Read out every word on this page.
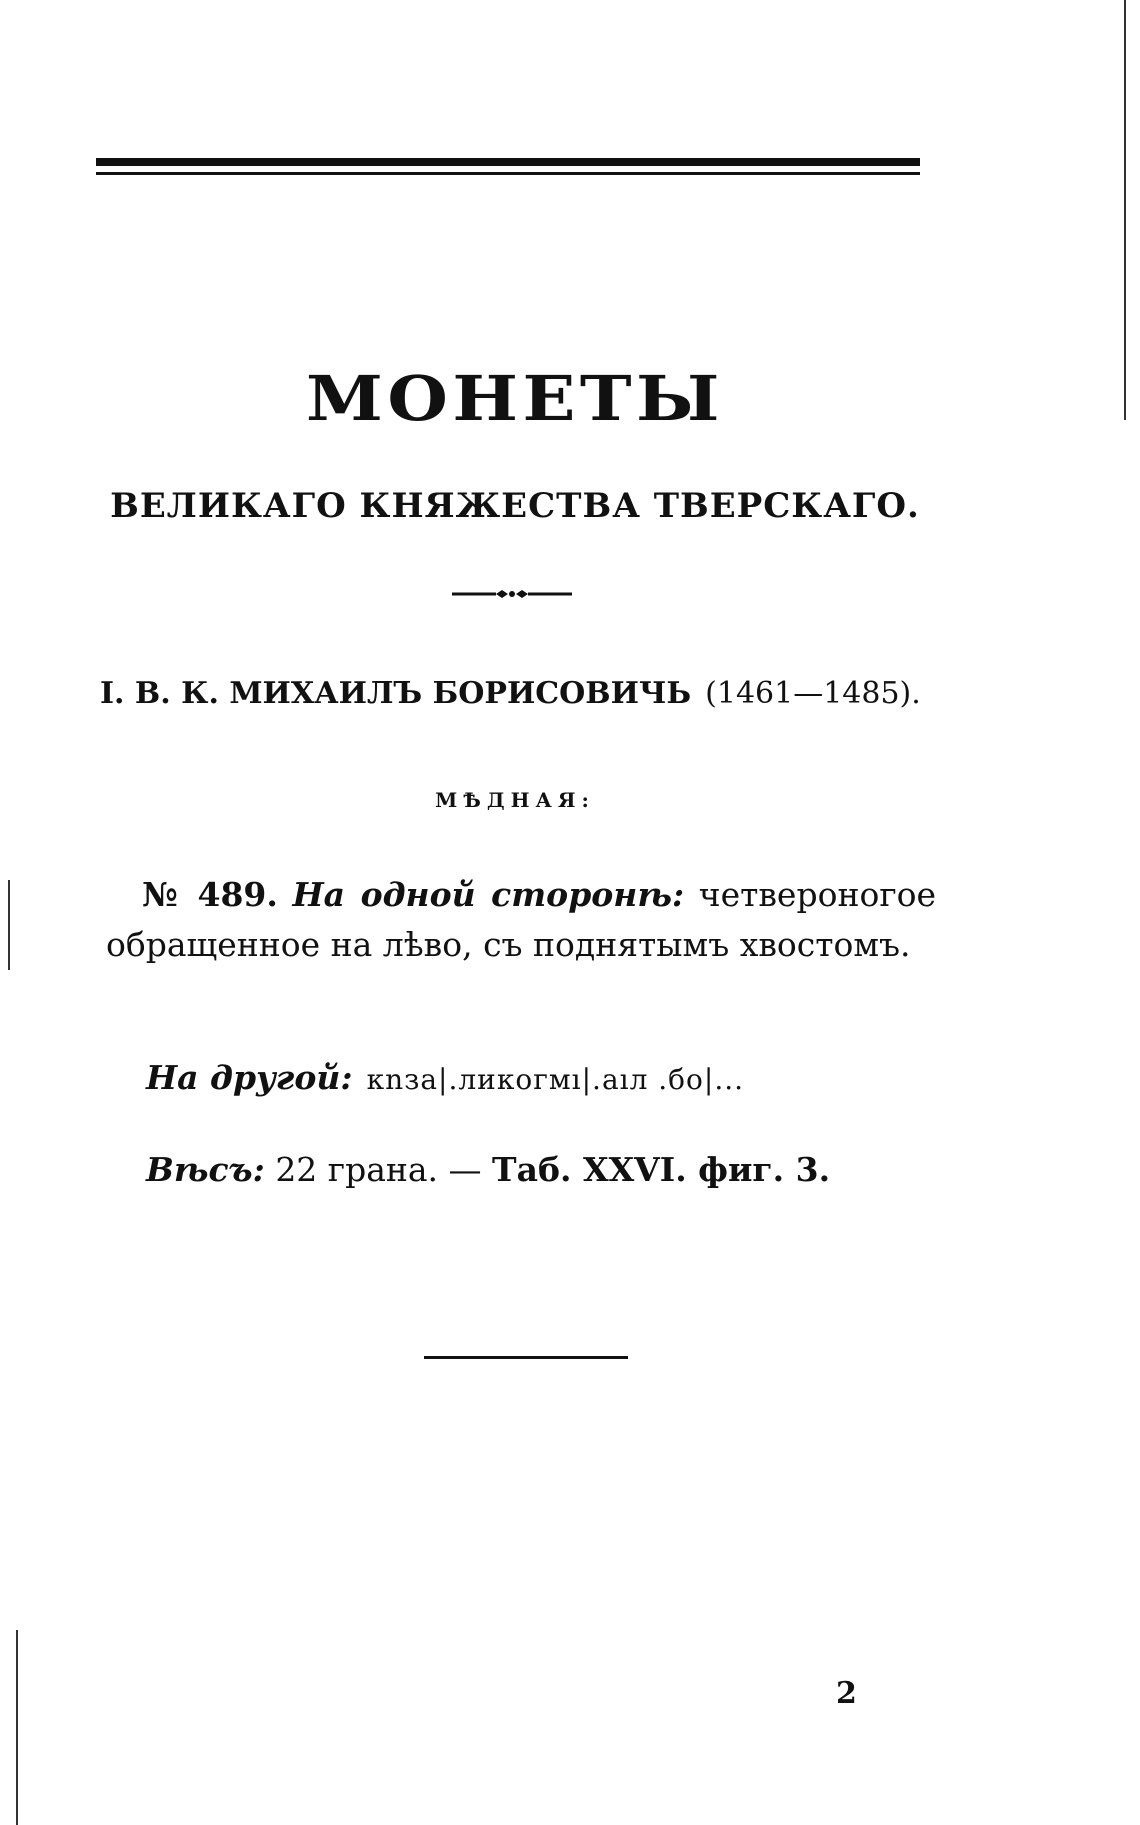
МОНЕТЫ
ВЕЛИКАГО КНЯЖЕСТВА ТВЕРСКАГО.
I. В. К. МИХАИЛЪ БОРИСОВИЧЬ (1461—1485).
МѢДНАЯ:
№ 489. На одной сторонѣ: четвероногое обращенное на лѣво, съ поднятымъ хвостомъ.
На другой: кnзa|.ликогмı|.aıл .бо|...
Вѣсъ: 22 грана. — Таб. XXVI. фиг. 3.
2
